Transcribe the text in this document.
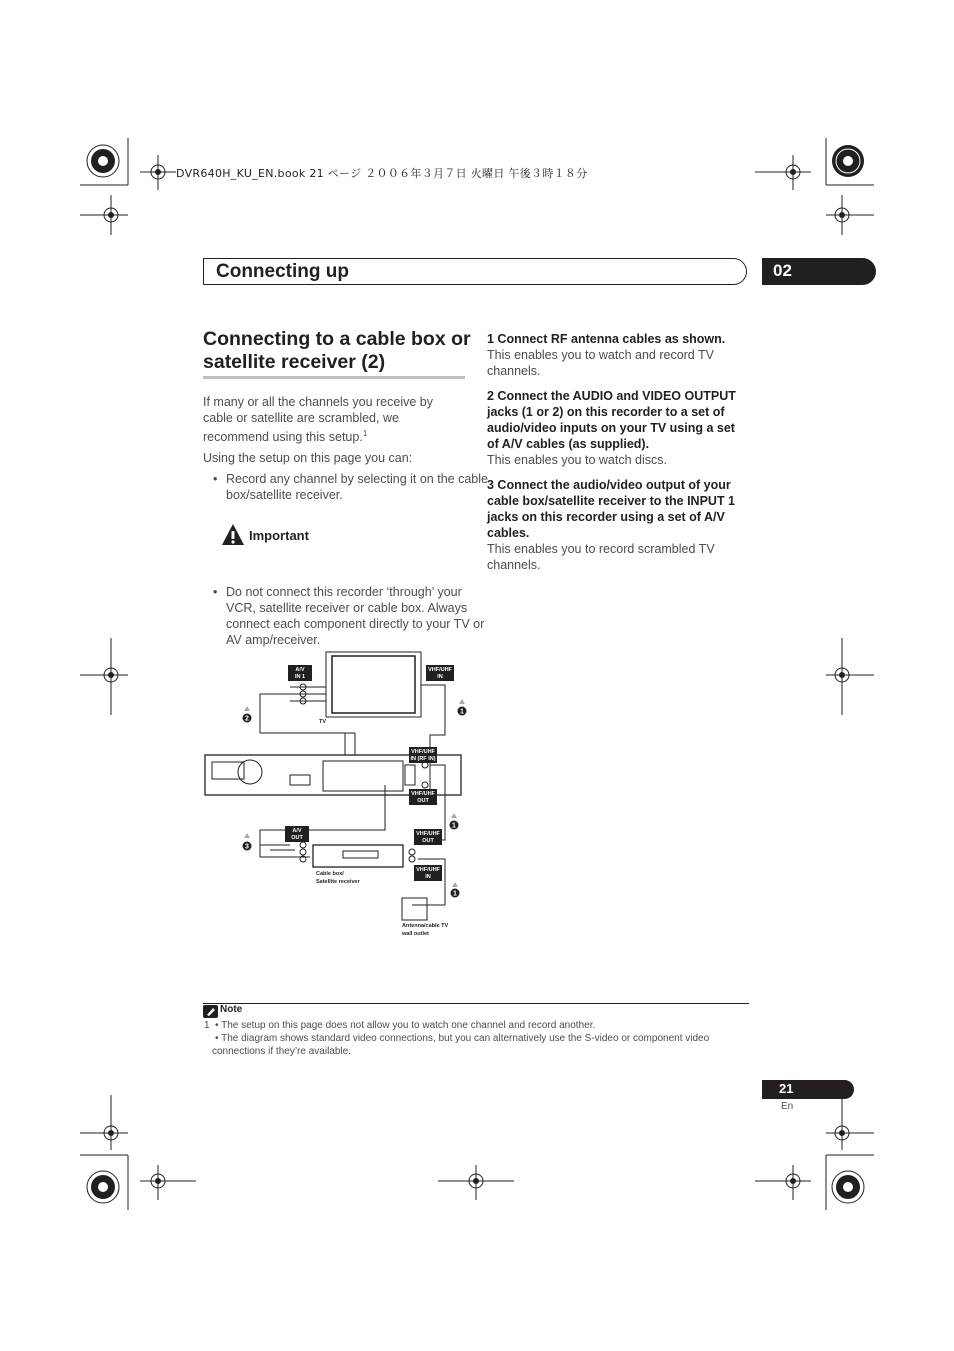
DVR640H_KU_EN.book 21 ページ ２００６年３月７日 火曜日 午後３時１８分
Connecting up	02
Connecting to a cable box or satellite receiver (2)
If many or all the channels you receive by cable or satellite are scrambled, we recommend using this setup.$^1$
Using the setup on this page you can:
• Record any channel by selecting it on the cable box/satellite receiver.
Important
• Do not connect this recorder ‘through’ your VCR, satellite receiver or cable box. Always connect each component directly to your TV or AV amp/receiver.
1 Connect RF antenna cables as shown.
This enables you to watch and record TV channels.
2 Connect the AUDIO and VIDEO OUTPUT jacks (1 or 2) on this recorder to a set of audio/video inputs on your TV using a set of A/V cables (as supplied).
This enables you to watch discs.
3 Connect the audio/video output of your cable box/satellite receiver to the INPUT 1 jacks on this recorder using a set of A/V cables.
This enables you to record scrambled TV channels.
A/V
IN 1
VHF/UHF
IN
TV
VHF/UHF
IN (RF IN)
VHF/UHF
OUT
A/V
OUT
VHF/UHF
OUT
VHF/UHF
IN
Cable box/
Satellite receiver
Antenna/cable TV
wall outlet
1
2
1
3
1
Note
1 • The setup on this page does not allow you to watch one channel and record another.
• The diagram shows standard video connections, but you can alternatively use the S-video or component video connections if they’re available.
21
En
